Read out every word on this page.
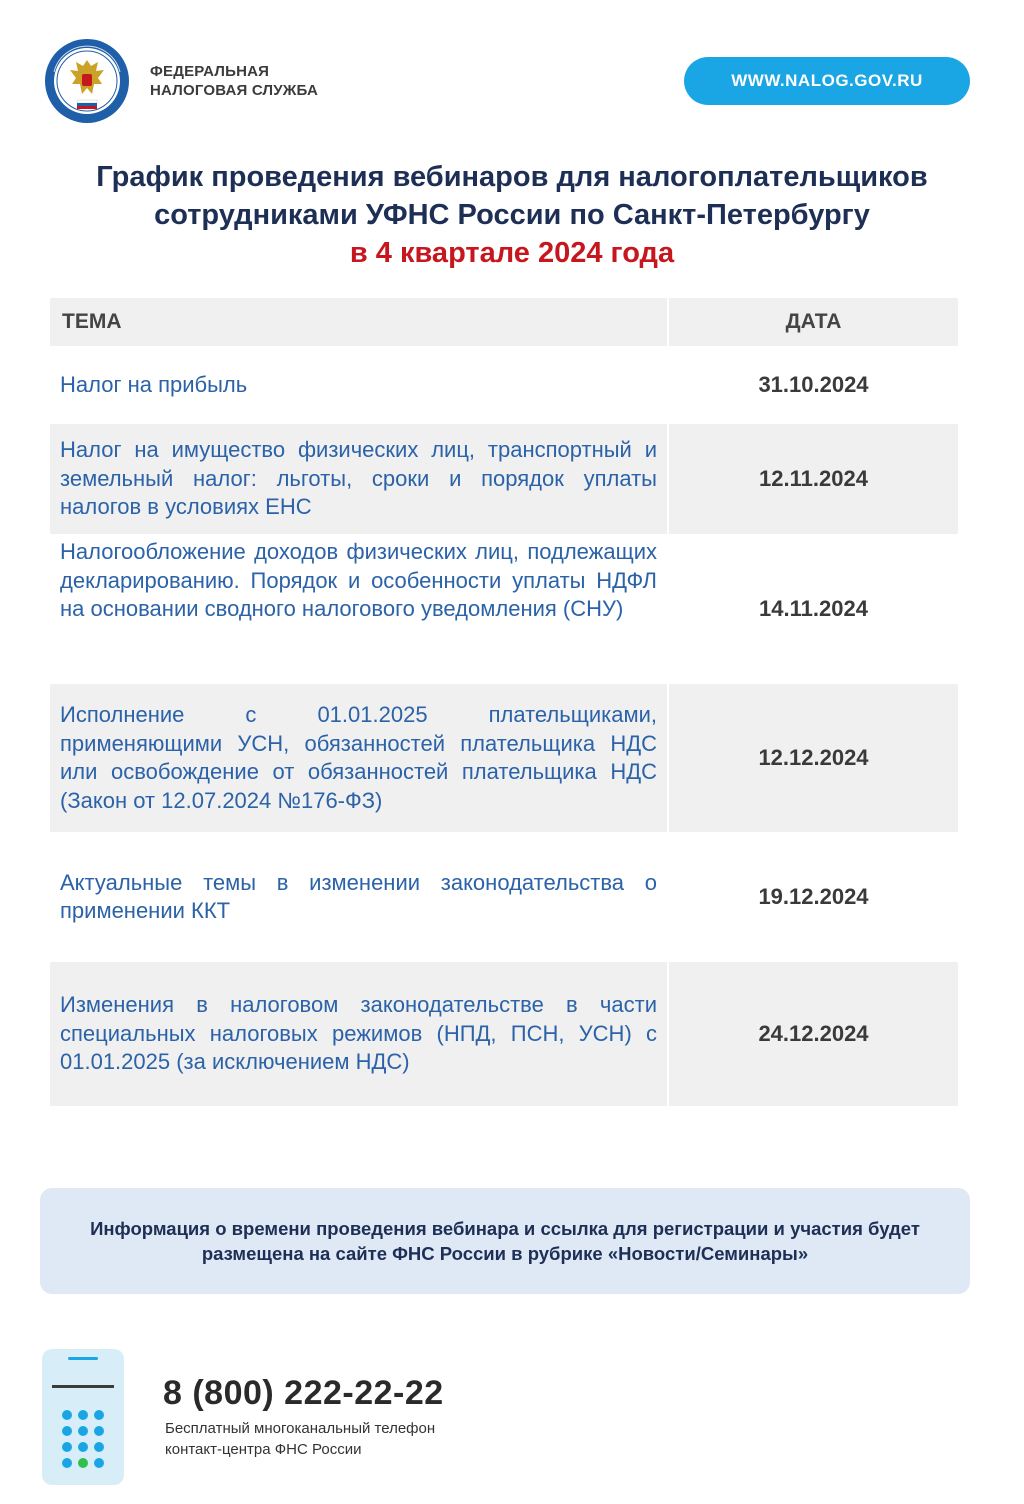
ФЕДЕРАЛЬНАЯ
НАЛОГОВАЯ СЛУЖБА
WWW.NALOG.GOV.RU
График проведения вебинаров для налогоплательщиков
сотрудниками УФНС России по Санкт-Петербургу
в 4 квартале 2024 года
ТЕМА	ДАТА
Налог на прибыль	31.10.2024
Налог на имущество физических лиц, транспортный и земельный налог: льготы, сроки и порядок уплаты налогов в условиях ЕНС
12.11.2024
Налогообложение доходов физических лиц, подлежащих декларированию. Порядок и особенности уплаты НДФЛ на основании сводного налогового уведомления (СНУ)	14.11.2024
Исполнение с 01.01.2025 плательщиками, применяющими УСН, обязанностей плательщика НДС или освобождение от обязанностей плательщика НДС (Закон от 12.07.2024 №176-ФЗ)
12.12.2024
Актуальные темы в изменении законодательства о применении ККТ
19.12.2024
Изменения в налоговом законодательстве в части специальных налоговых режимов (НПД, ПСН, УСН) с 01.01.2025 (за исключением НДС)
24.12.2024
Информация о времени проведения вебинара и ссылка для регистрации и участия будет размещена на сайте ФНС России в рубрике «Новости/Семинары»
8 (800) 222-22-22
Бесплатный многоканальный телефон
контакт-центра ФНС России
